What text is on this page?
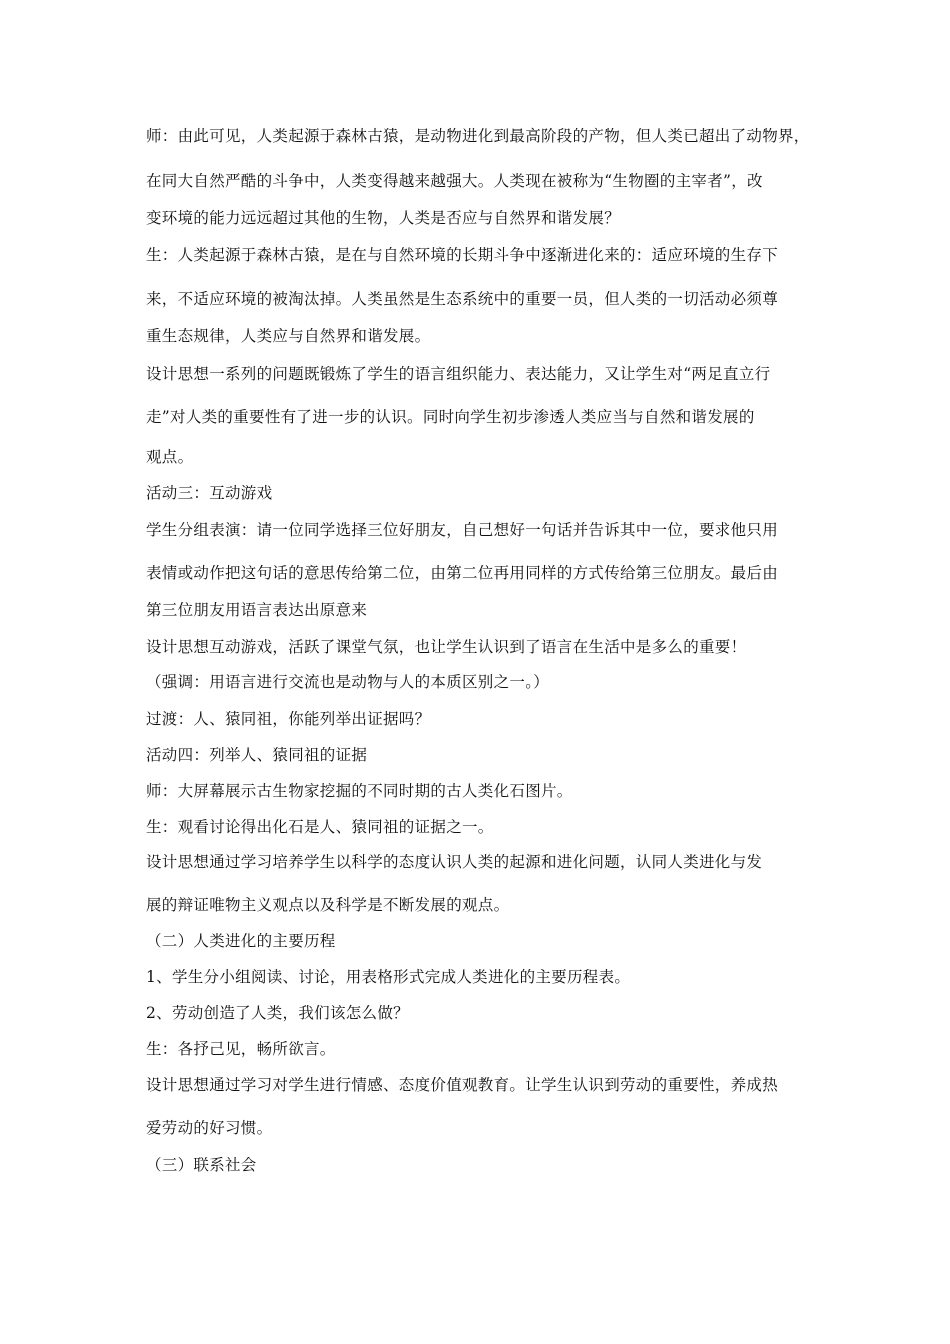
师：由此可见，人类起源于森林古猿，是动物进化到最高阶段的产物，但人类已超出了动物界，
在同大自然严酷的斗争中，人类变得越来越强大。人类现在被称为“生物圈的主宰者”，改
变环境的能力远远超过其他的生物，人类是否应与自然界和谐发展？
生：人类起源于森林古猿，是在与自然环境的长期斗争中逐渐进化来的：适应环境的生存下
来，不适应环境的被淘汰掉。人类虽然是生态系统中的重要一员，但人类的一切活动必须尊
重生态规律，人类应与自然界和谐发展。
设计思想一系列的问题既锻炼了学生的语言组织能力、表达能力，又让学生对“两足直立行
走”对人类的重要性有了进一步的认识。同时向学生初步渗透人类应当与自然和谐发展的
观点。
活动三：互动游戏
学生分组表演：请一位同学选择三位好朋友，自己想好一句话并告诉其中一位，要求他只用
表情或动作把这句话的意思传给第二位，由第二位再用同样的方式传给第三位朋友。最后由
第三位朋友用语言表达出原意来
设计思想互动游戏，活跃了课堂气氛，也让学生认识到了语言在生活中是多么的重要！
（强调：用语言进行交流也是动物与人的本质区别之一。）
过渡：人、猿同祖，你能列举出证据吗？
活动四：列举人、猿同祖的证据
师：大屏幕展示古生物家挖掘的不同时期的古人类化石图片。
生：观看讨论得出化石是人、猿同祖的证据之一。
设计思想通过学习培养学生以科学的态度认识人类的起源和进化问题，认同人类进化与发
展的辩证唯物主义观点以及科学是不断发展的观点。
（二）人类进化的主要历程
1、学生分小组阅读、讨论，用表格形式完成人类进化的主要历程表。
2、劳动创造了人类，我们该怎么做？
生：各抒己见，畅所欲言。
设计思想通过学习对学生进行情感、态度价值观教育。让学生认识到劳动的重要性，养成热
爱劳动的好习惯。
（三）联系社会
